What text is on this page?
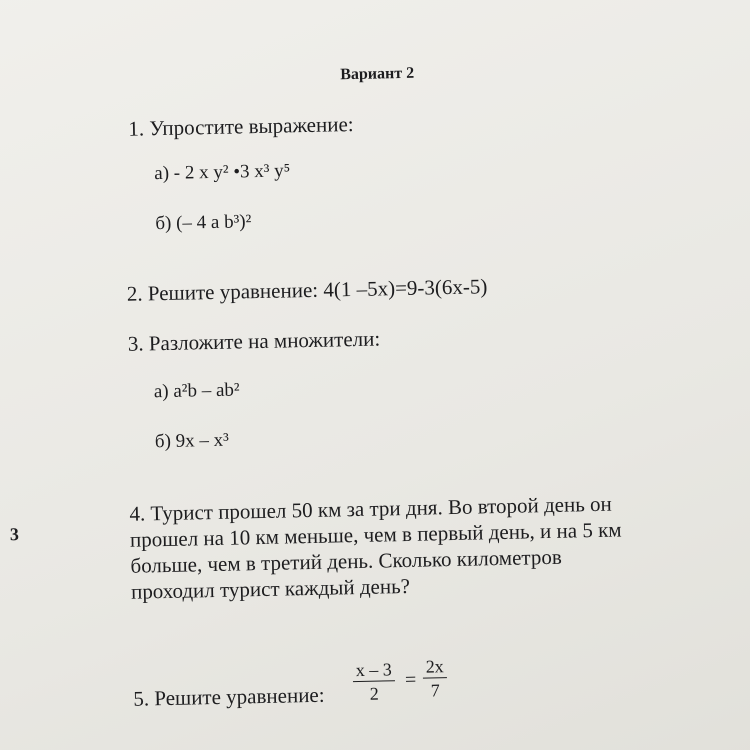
Вариант 2
1. Упростите выражение:
а) - 2 x y² •3 x³ y⁵
б) (– 4 a b³)²
2. Решите уравнение: 4(1 –5x)=9-3(6x-5)
3. Разложите на множители:
а) a²b – ab²
б) 9x – x³
3
4. Турист прошел 50 км за три дня. Во второй день он
прошел на 10 км меньше, чем в первый день, и на 5 км
больше, чем в третий день. Сколько километров
проходил турист каждый день?
5. Решите уравнение: $\frac{x - 3}{2} = \frac{2x}{7}$
